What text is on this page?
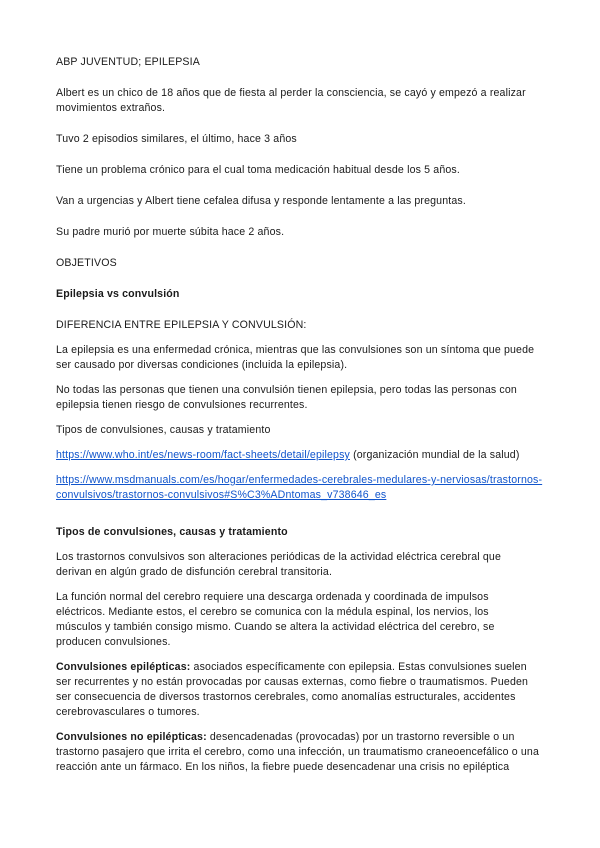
ABP JUVENTUD; EPILEPSIA

Albert es un chico de 18 años que de fiesta al perder la consciencia, se cayó y empezó a realizar movimientos extraños.

Tuvo 2 episodios similares, el último, hace 3 años

Tiene un problema crónico para el cual toma medicación habitual desde los 5 años.

Van a urgencias y Albert tiene cefalea difusa y responde lentamente a las preguntas.

Su padre murió por muerte súbita hace 2 años.

OBJETIVOS

Epilepsia vs convulsión

DIFERENCIA ENTRE EPILEPSIA Y CONVULSIÓN:

La epilepsia es una enfermedad crónica, mientras que las convulsiones son un síntoma que puede ser causado por diversas condiciones (incluida la epilepsia).

No todas las personas que tienen una convulsión tienen epilepsia, pero todas las personas con epilepsia tienen riesgo de convulsiones recurrentes.

Tipos de convulsiones, causas y tratamiento

https://www.who.int/es/news-room/fact-sheets/detail/epilepsy (organización mundial de la salud)

https://www.msdmanuals.com/es/hogar/enfermedades-cerebrales-medulares-y-nerviosas/trastornos-convulsivos/trastornos-convulsivos#S%C3%ADntomas_v738646_es

Tipos de convulsiones, causas y tratamiento

Los trastornos convulsivos son alteraciones periódicas de la actividad eléctrica cerebral que derivan en algún grado de disfunción cerebral transitoria.

La función normal del cerebro requiere una descarga ordenada y coordinada de impulsos eléctricos. Mediante estos, el cerebro se comunica con la médula espinal, los nervios, los músculos y también consigo mismo. Cuando se altera la actividad eléctrica del cerebro, se producen convulsiones.

Convulsiones epilépticas: asociados específicamente con epilepsia. Estas convulsiones suelen ser recurrentes y no están provocadas por causas externas, como fiebre o traumatismos. Pueden ser consecuencia de diversos trastornos cerebrales, como anomalías estructurales, accidentes cerebrovasculares o tumores.

Convulsiones no epilépticas: desencadenadas (provocadas) por un trastorno reversible o un trastorno pasajero que irrita el cerebro, como una infección, un traumatismo craneoencefálico o una reacción ante un fármaco. En los niños, la fiebre puede desencadenar una crisis no epiléptica
